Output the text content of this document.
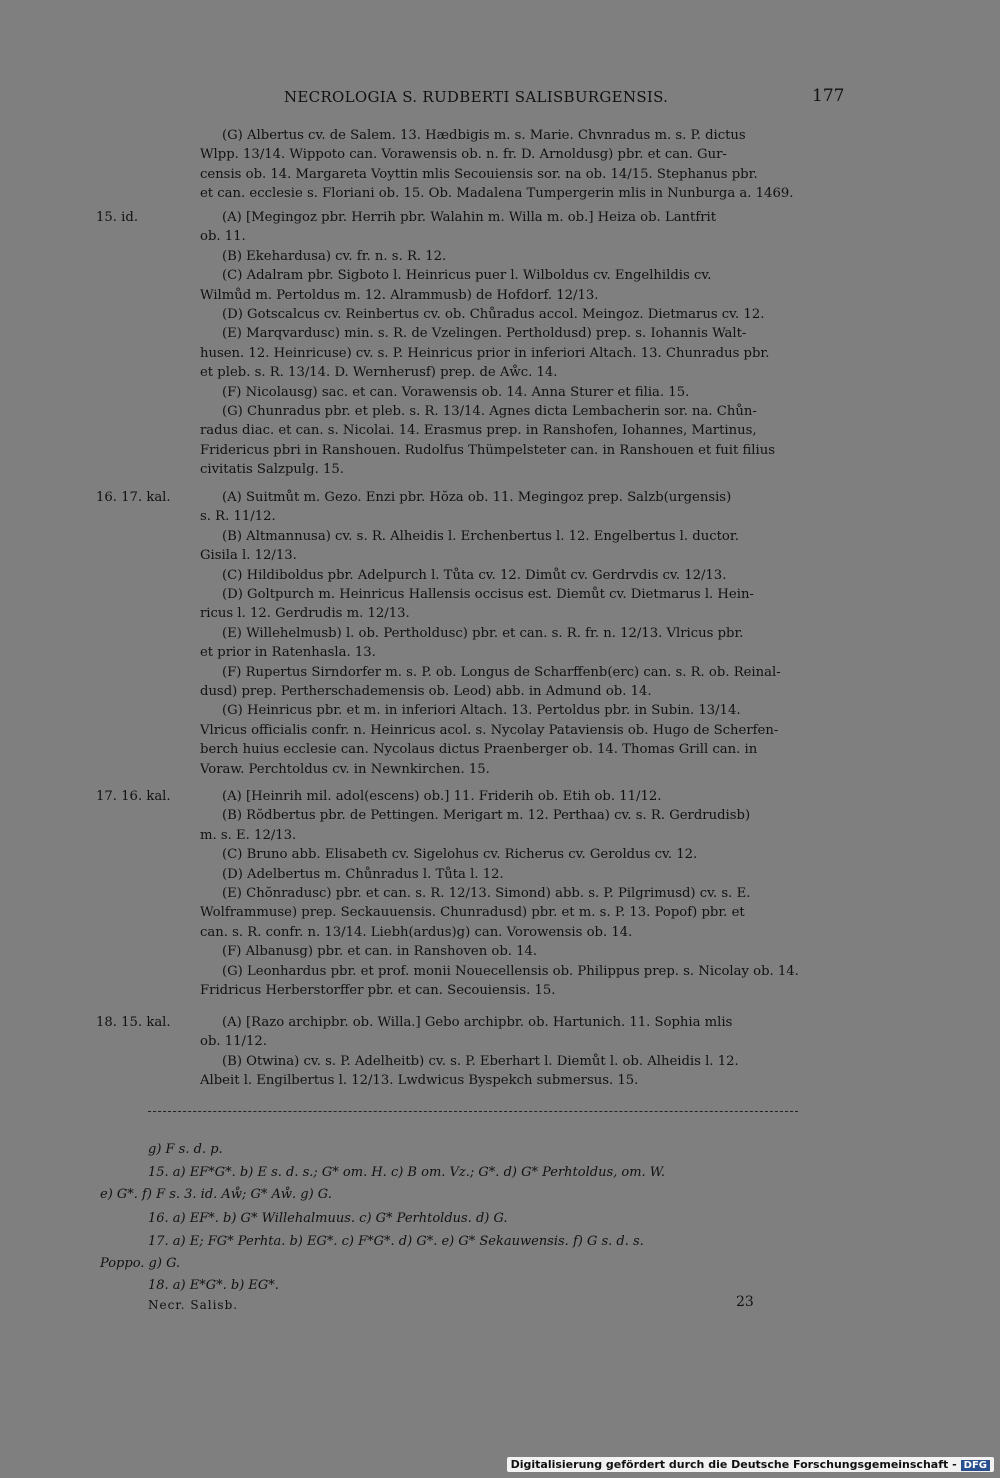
NECROLOGIA S. RUDBERTI SALISBURGENSIS.	177
(G) Albertus cv. de Salem. 13. Hædbigis m. s. Marie. Chvnradus m. s. P. dictus
Wlpp. 13/14. Wippoto can. Vorawensis ob. n. fr. D. Arnoldusg) pbr. et can. Gur-
censis ob. 14. Margareta Voyttin mlis Secouiensis sor. na ob. 14/15. Stephanus pbr.
et can. ecclesie s. Floriani ob. 15. Ob. Madalena Tumpergerin mlis in Nunburga a. 1469.
15. id.	(A) [Megingoz pbr. Herrih pbr. Walahin m. Willa m. ob.] Heiza ob. Lantfrit
ob. 11.
(B) Ekehardusa) cv. fr. n. s. R. 12.
(C) Adalram pbr. Sigboto l. Heinricus puer l. Wilboldus cv. Engelhildis cv.
Wilmůd m. Pertoldus m. 12. Alrammusb) de Hofdorf. 12/13.
(D) Gotscalcus cv. Reinbertus cv. ob. Chůradus accol. Meingoz. Dietmarus cv. 12.
(E) Marqvardusc) min. s. R. de Vzelingen. Pertholdusd) prep. s. Iohannis Walt-
husen. 12. Heinricuse) cv. s. P. Heinricus prior in inferiori Altach. 13. Chunradus pbr.
et pleb. s. R. 13/14. D. Wernherusf) prep. de Aẘc. 14.
(F) Nicolausg) sac. et can. Vorawensis ob. 14. Anna Sturer et filia. 15.
(G) Chunradus pbr. et pleb. s. R. 13/14. Agnes dicta Lembacherin sor. na. Chůn-
radus diac. et can. s. Nicolai. 14. Erasmus prep. in Ranshofen, Iohannes, Martinus,
Fridericus pbri in Ranshouen. Rudolfus Thümpelsteter can. in Ranshouen et fuit filius
civitatis Salzpulg. 15.
16. 17. kal.	(A) Suitmůt m. Gezo. Enzi pbr. Hŏza ob. 11. Megingoz prep. Salzb(urgensis)
s. R. 11/12.
(B) Altmannusa) cv. s. R. Alheidis l. Erchenbertus l. 12. Engelbertus l. ductor.
Gisila l. 12/13.
(C) Hildiboldus pbr. Adelpurch l. Tůta cv. 12. Dimůt cv. Gerdrvdis cv. 12/13.
(D) Goltpurch m. Heinricus Hallensis occisus est. Diemůt cv. Dietmarus l. Hein-
ricus l. 12. Gerdrudis m. 12/13.
(E) Willehelmusb) l. ob. Pertholdusc) pbr. et can. s. R. fr. n. 12/13. Vlricus pbr.
et prior in Ratenhasla. 13.
(F) Rupertus Sirndorfer m. s. P. ob. Longus de Scharffenb(erc) can. s. R. ob. Reinal-
dusd) prep. Pertherschademensis ob. Leod) abb. in Admund ob. 14.
(G) Heinricus pbr. et m. in inferiori Altach. 13. Pertoldus pbr. in Subin. 13/14.
Vlricus officialis confr. n. Heinricus acol. s. Nycolay Pataviensis ob. Hugo de Scherfen-
berch huius ecclesie can. Nycolaus dictus Praenberger ob. 14. Thomas Grill can. in
Voraw. Perchtoldus cv. in Newnkirchen. 15.
17. 16. kal.	(A) [Heinrih mil. adol(escens) ob.] 11. Friderih ob. Etih ob. 11/12.
(B) Rŏdbertus pbr. de Pettingen. Merigart m. 12. Perthaa) cv. s. R. Gerdrudisb)
m. s. E. 12/13.
(C) Bruno abb. Elisabeth cv. Sigelohus cv. Richerus cv. Geroldus cv. 12.
(D) Adelbertus m. Chůnradus l. Tůta l. 12.
(E) Chŏnradusc) pbr. et can. s. R. 12/13. Simond) abb. s. P. Pilgrimusd) cv. s. E.
Wolframmuse) prep. Seckauuensis. Chunradusd) pbr. et m. s. P. 13. Popof) pbr. et
can. s. R. confr. n. 13/14. Liebh(ardus)g) can. Vorowensis ob. 14.
(F) Albanusg) pbr. et can. in Ranshoven ob. 14.
(G) Leonhardus pbr. et prof. monii Nouecellensis ob. Philippus prep. s. Nicolay ob. 14.
Fridricus Herberstorffer pbr. et can. Secouiensis. 15.
18. 15. kal.	(A) [Razo archipbr. ob. Willa.] Gebo archipbr. ob. Hartunich. 11. Sophia mlis
ob. 11/12.
(B) Otwina) cv. s. P. Adelheitb) cv. s. P. Eberhart l. Diemůt l. ob. Alheidis l. 12.
Albeit l. Engilbertus l. 12/13. Lwdwicus Byspekch submersus. 15.
g) F s. d. p.
15. a) EF*G*. b) E s. d. s.; G* om. H. c) B om. Vz.; G*. d) G* Perhtoldus, om. W.
e) G*. f) F s. 3. id. Aẘ; G* Aẘ. g) G.
16. a) EF*. b) G* Willehalmuus. c) G* Perhtoldus. d) G.
17. a) E; FG* Perhta. b) EG*. c) F*G*. d) G*. e) G* Sekauwensis. f) G s. d. s.
Poppo. g) G.
18. a) E*G*. b) EG*.
Necr. Salisb.	23
Digitalisierung gefördert durch die Deutsche Forschungsgemeinschaft - DFG
